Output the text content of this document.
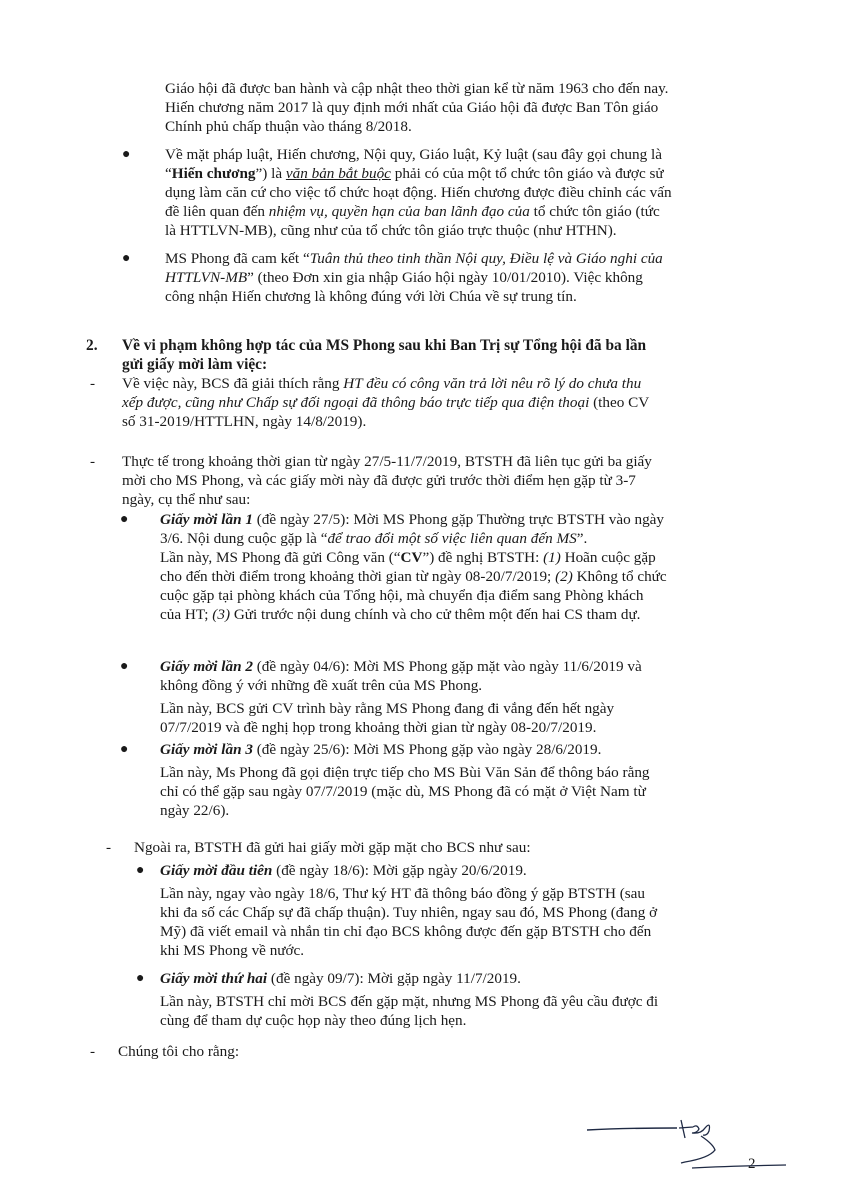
Giáo hội đã được ban hành và cập nhật theo thời gian kể từ năm 1963 cho đến nay.
Hiến chương năm 2017 là quy định mới nhất của Giáo hội đã được Ban Tôn giáo
Chính phủ chấp thuận vào tháng 8/2018.
● Về mặt pháp luật, Hiến chương, Nội quy, Giáo luật, Kỷ luật (sau đây gọi chung là
“Hiến chương”) là văn bản bắt buộc phải có của một tổ chức tôn giáo và được sử
dụng làm căn cứ cho việc tổ chức hoạt động. Hiến chương được điều chỉnh các vấn
đề liên quan đến nhiệm vụ, quyền hạn của ban lãnh đạo của tổ chức tôn giáo (tức
là HTTLVN-MB), cũng như của tổ chức tôn giáo trực thuộc (như HTHN).
● MS Phong đã cam kết “Tuân thủ theo tinh thần Nội quy, Điều lệ và Giáo nghi của
HTTLVN-MB” (theo Đơn xin gia nhập Giáo hội ngày 10/01/2010). Việc không
công nhận Hiến chương là không đúng với lời Chúa về sự trung tín.
2. Về vi phạm không hợp tác của MS Phong sau khi Ban Trị sự Tổng hội đã ba lần
gửi giấy mời làm việc:
- Về việc này, BCS đã giải thích rằng HT đều có công văn trả lời nêu rõ lý do chưa thu
xếp được, cũng như Chấp sự đối ngoại đã thông báo trực tiếp qua điện thoại (theo CV
số 31-2019/HTTLHN, ngày 14/8/2019).
- Thực tế trong khoảng thời gian từ ngày 27/5-11/7/2019, BTSTH đã liên tục gửi ba giấy
mời cho MS Phong, và các giấy mời này đã được gửi trước thời điểm hẹn gặp từ 3-7
ngày, cụ thể như sau:
● Giấy mời lần 1 (đề ngày 27/5): Mời MS Phong gặp Thường trực BTSTH vào ngày
3/6. Nội dung cuộc gặp là “để trao đổi một số việc liên quan đến MS”.
Lần này, MS Phong đã gửi Công văn (“CV”) đề nghị BTSTH: (1) Hoãn cuộc gặp
cho đến thời điểm trong khoảng thời gian từ ngày 08-20/7/2019; (2) Không tổ chức
cuộc gặp tại phòng khách của Tổng hội, mà chuyển địa điểm sang Phòng khách
của HT; (3) Gửi trước nội dung chính và cho cử thêm một đến hai CS tham dự.
● Giấy mời lần 2 (đề ngày 04/6): Mời MS Phong gặp mặt vào ngày 11/6/2019 và
không đồng ý với những đề xuất trên của MS Phong.
Lần này, BCS gửi CV trình bày rằng MS Phong đang đi vắng đến hết ngày
07/7/2019 và đề nghị họp trong khoảng thời gian từ ngày 08-20/7/2019.
● Giấy mời lần 3 (đề ngày 25/6): Mời MS Phong gặp vào ngày 28/6/2019.
Lần này, Ms Phong đã gọi điện trực tiếp cho MS Bùi Văn Sản để thông báo rằng
chỉ có thể gặp sau ngày 07/7/2019 (mặc dù, MS Phong đã có mặt ở Việt Nam từ
ngày 22/6).
- Ngoài ra, BTSTH đã gửi hai giấy mời gặp mặt cho BCS như sau:
● Giấy mời đầu tiên (đề ngày 18/6): Mời gặp ngày 20/6/2019.
Lần này, ngay vào ngày 18/6, Thư ký HT đã thông báo đồng ý gặp BTSTH (sau
khi đa số các Chấp sự đã chấp thuận). Tuy nhiên, ngay sau đó, MS Phong (đang ở
Mỹ) đã viết email và nhắn tin chỉ đạo BCS không được đến gặp BTSTH cho đến
khi MS Phong về nước.
● Giấy mời thứ hai (đề ngày 09/7): Mời gặp ngày 11/7/2019.
Lần này, BTSTH chỉ mời BCS đến gặp mặt, nhưng MS Phong đã yêu cầu được đi
cùng để tham dự cuộc họp này theo đúng lịch hẹn.
- Chúng tôi cho rằng:
2
